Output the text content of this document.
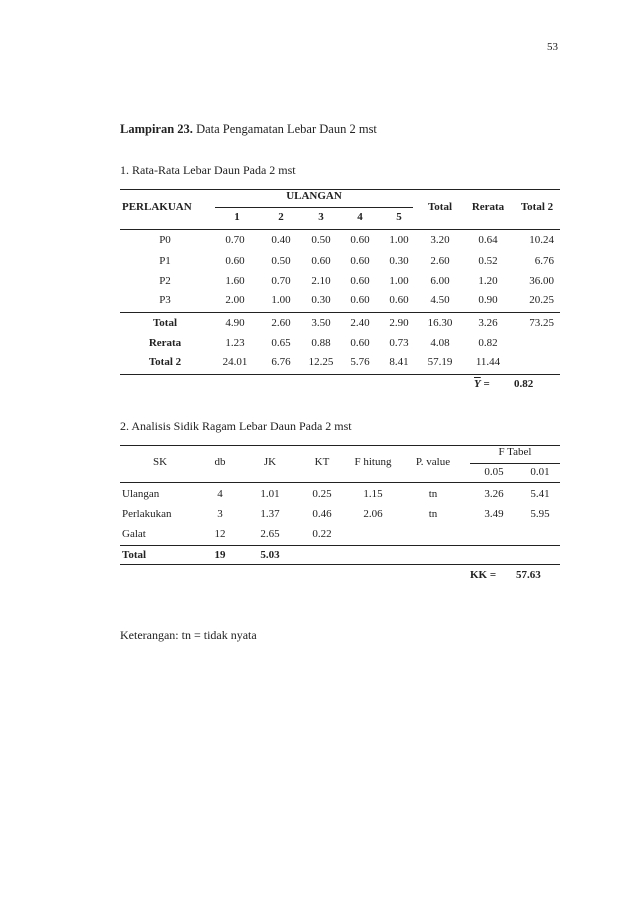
53
Lampiran 23. Data Pengamatan Lebar Daun 2 mst
1. Rata-Rata Lebar Daun Pada 2 mst
PERLAKUAN
ULANGAN
1	2	3	4	5
Total	Rerata	Total 2
P0	0.70	0.40	0.50	0.60	1.00	3.20	0.64	10.24
P1	0.60	0.50	0.60	0.60	0.30	2.60	0.52	6.76
P2	1.60	0.70	2.10	0.60	1.00	6.00	1.20	36.00
P3	2.00	1.00	0.30	0.60	0.60	4.50	0.90	20.25
Total	4.90	2.60	3.50	2.40	2.90	16.30	3.26	73.25
Rerata	1.23	0.65	0.88	0.60	0.73	4.08	0.82
Total 2	24.01	6.76	12.25	5.76	8.41	57.19	11.44
$\overline{Y} = 0.82$
2. Analisis Sidik Ragam Lebar Daun Pada 2 mst
SK	db	JK	KT	F hitung	P. value
F Tabel
0.05	0.01
Ulangan	4	1.01	0.25	1.15	tn	3.26	5.41
Perlakukan	3	1.37	0.46	2.06	tn	3.49	5.95
Galat	12	2.65	0.22
Total	19	5.03
KK = 57.63
Keterangan: tn = tidak nyata
